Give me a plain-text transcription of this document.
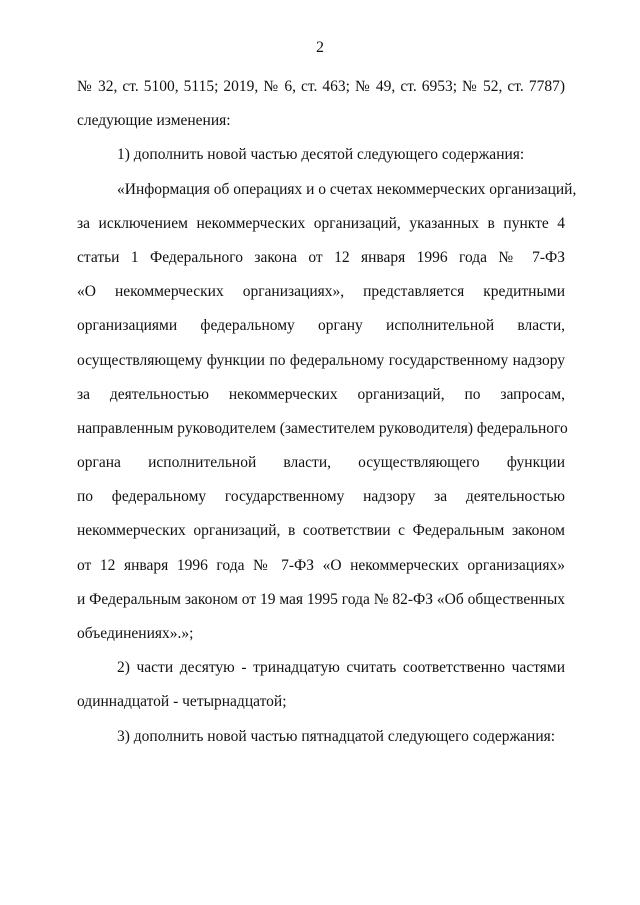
2
№ 32, ст. 5100, 5115; 2019, № 6, ст. 463; № 49, ст. 6953; № 52, ст. 7787)
следующие изменения:
1) дополнить новой частью десятой следующего содержания:
«Информация об операциях и о счетах некоммерческих организаций,
за исключением некоммерческих организаций, указанных в пункте 4
статьи 1 Федерального закона от 12 января 1996 года № 7-ФЗ
«О некоммерческих организациях», представляется кредитными
организациями федеральному органу исполнительной власти,
осуществляющему функции по федеральному государственному надзору
за деятельностью некоммерческих организаций, по запросам,
направленным руководителем (заместителем руководителя) федерального
органа исполнительной власти, осуществляющего функции
по федеральному государственному надзору за деятельностью
некоммерческих организаций, в соответствии с Федеральным законом
от 12 января 1996 года № 7-ФЗ «О некоммерческих организациях»
и Федеральным законом от 19 мая 1995 года № 82-ФЗ «Об общественных
объединениях».»;
2) части десятую - тринадцатую считать соответственно частями
одиннадцатой - четырнадцатой;
3) дополнить новой частью пятнадцатой следующего содержания:
